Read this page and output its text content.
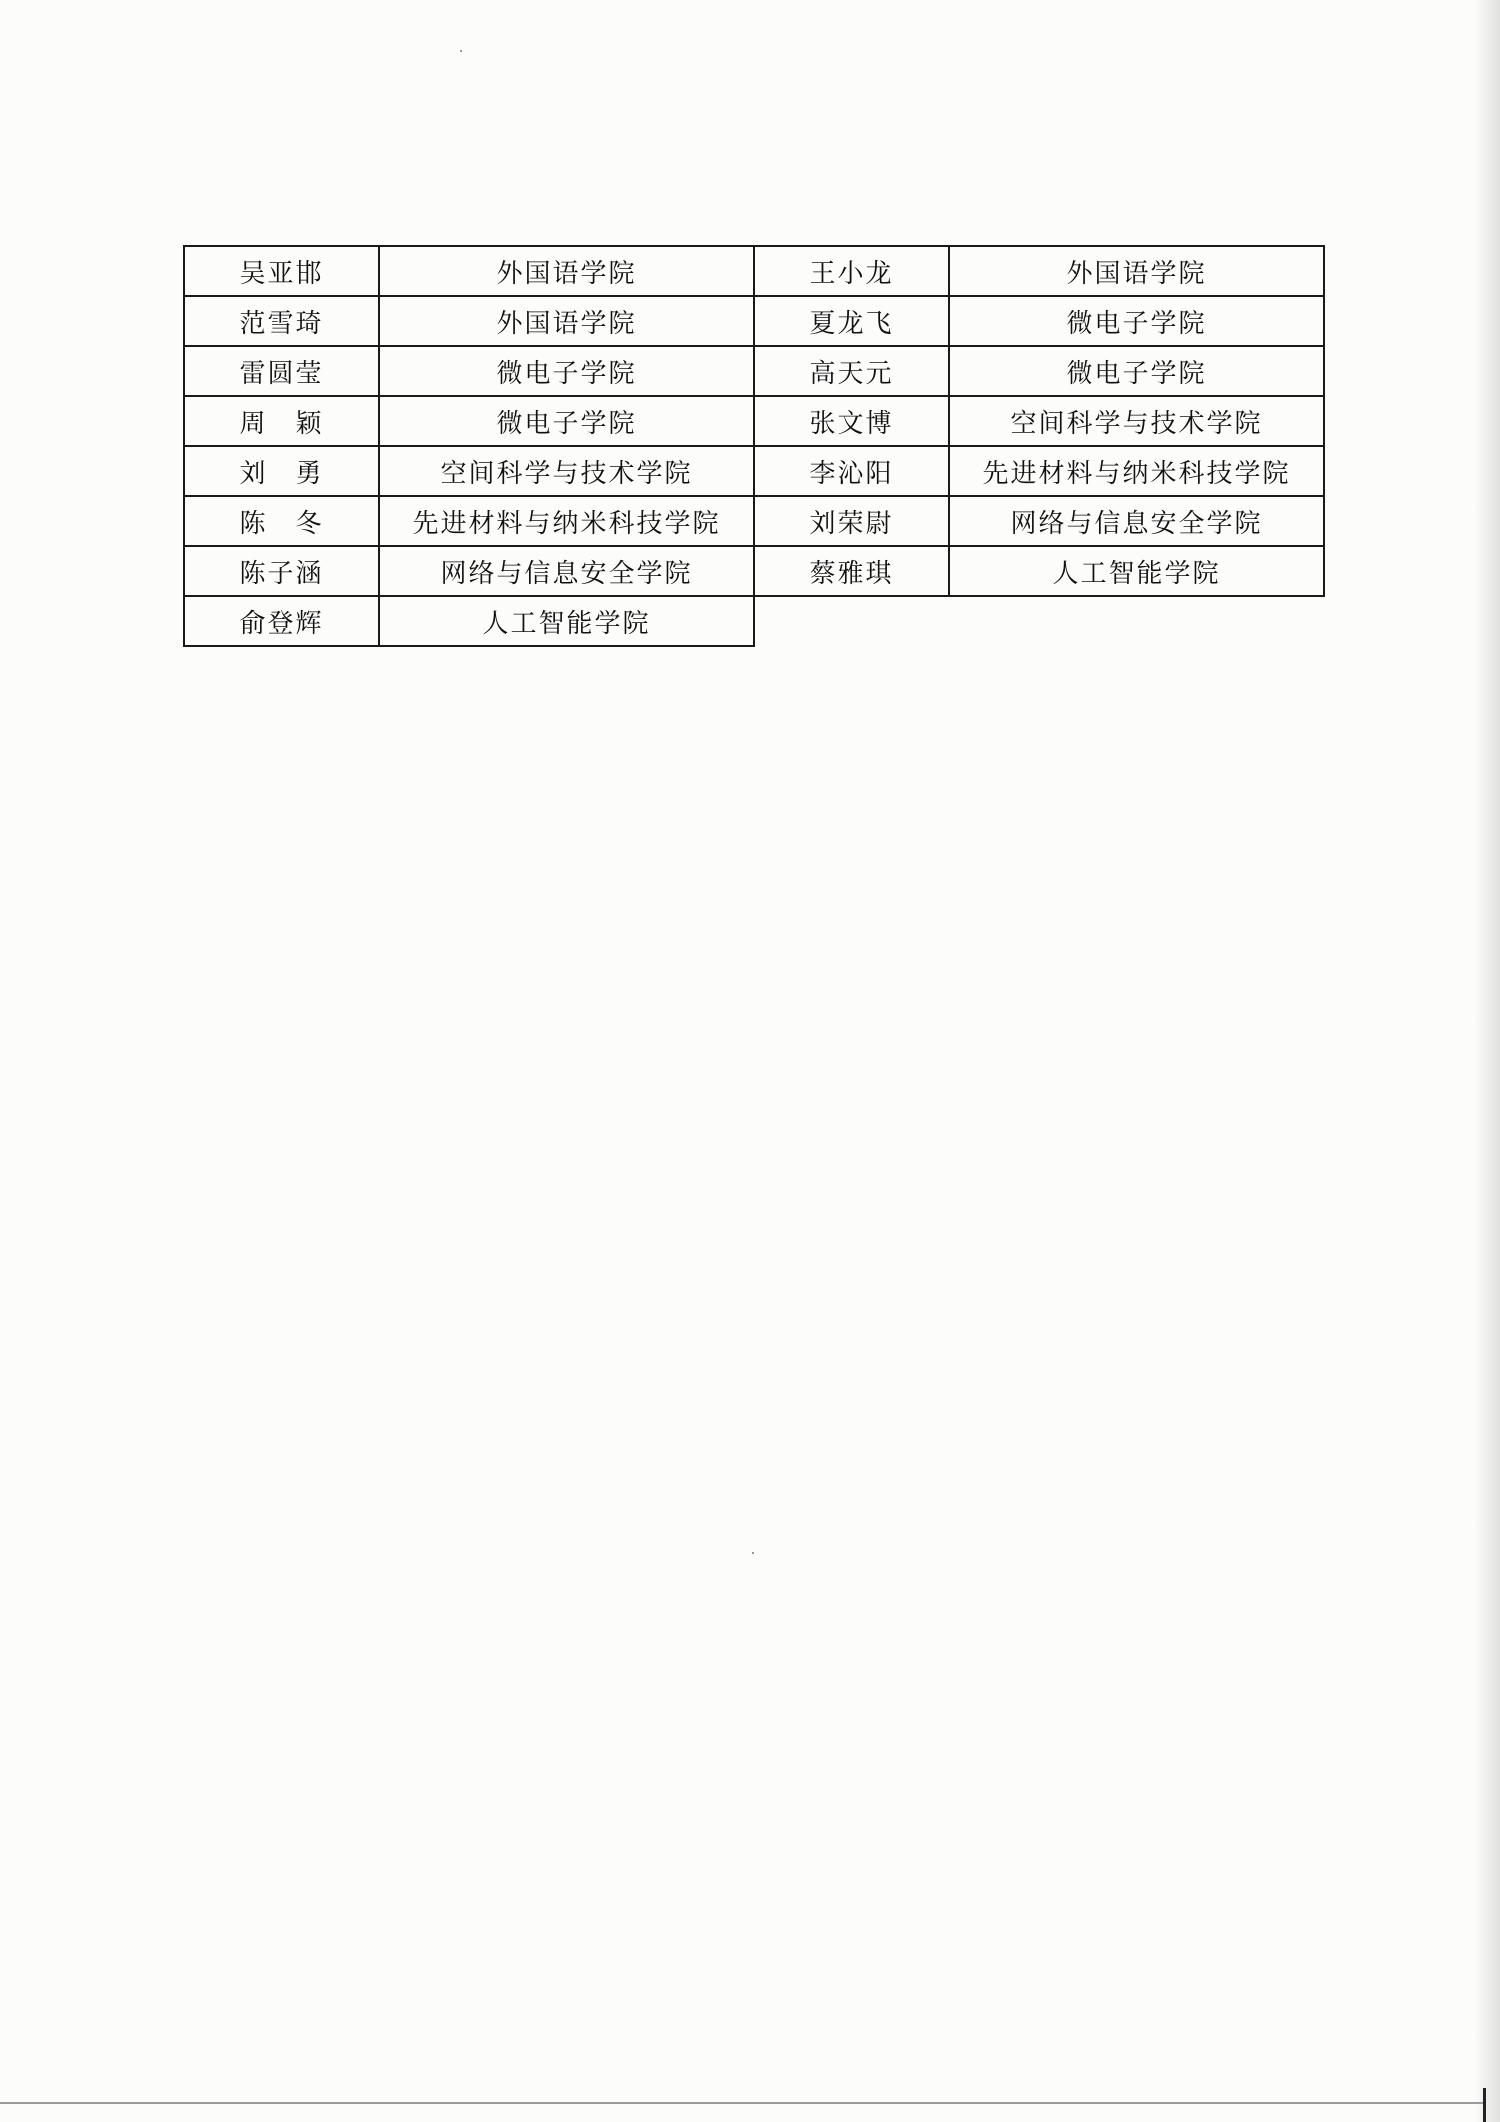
吴亚邯	外国语学院	王小龙	外国语学院
范雪琦	外国语学院	夏龙飞	微电子学院
雷圆莹	微电子学院	高天元	微电子学院
周　颖	微电子学院	张文博	空间科学与技术学院
刘　勇	空间科学与技术学院	李沁阳	先进材料与纳米科技学院
陈　冬	先进材料与纳米科技学院	刘荣尉	网络与信息安全学院
陈子涵	网络与信息安全学院	蔡雅琪	人工智能学院
俞登辉	人工智能学院		
